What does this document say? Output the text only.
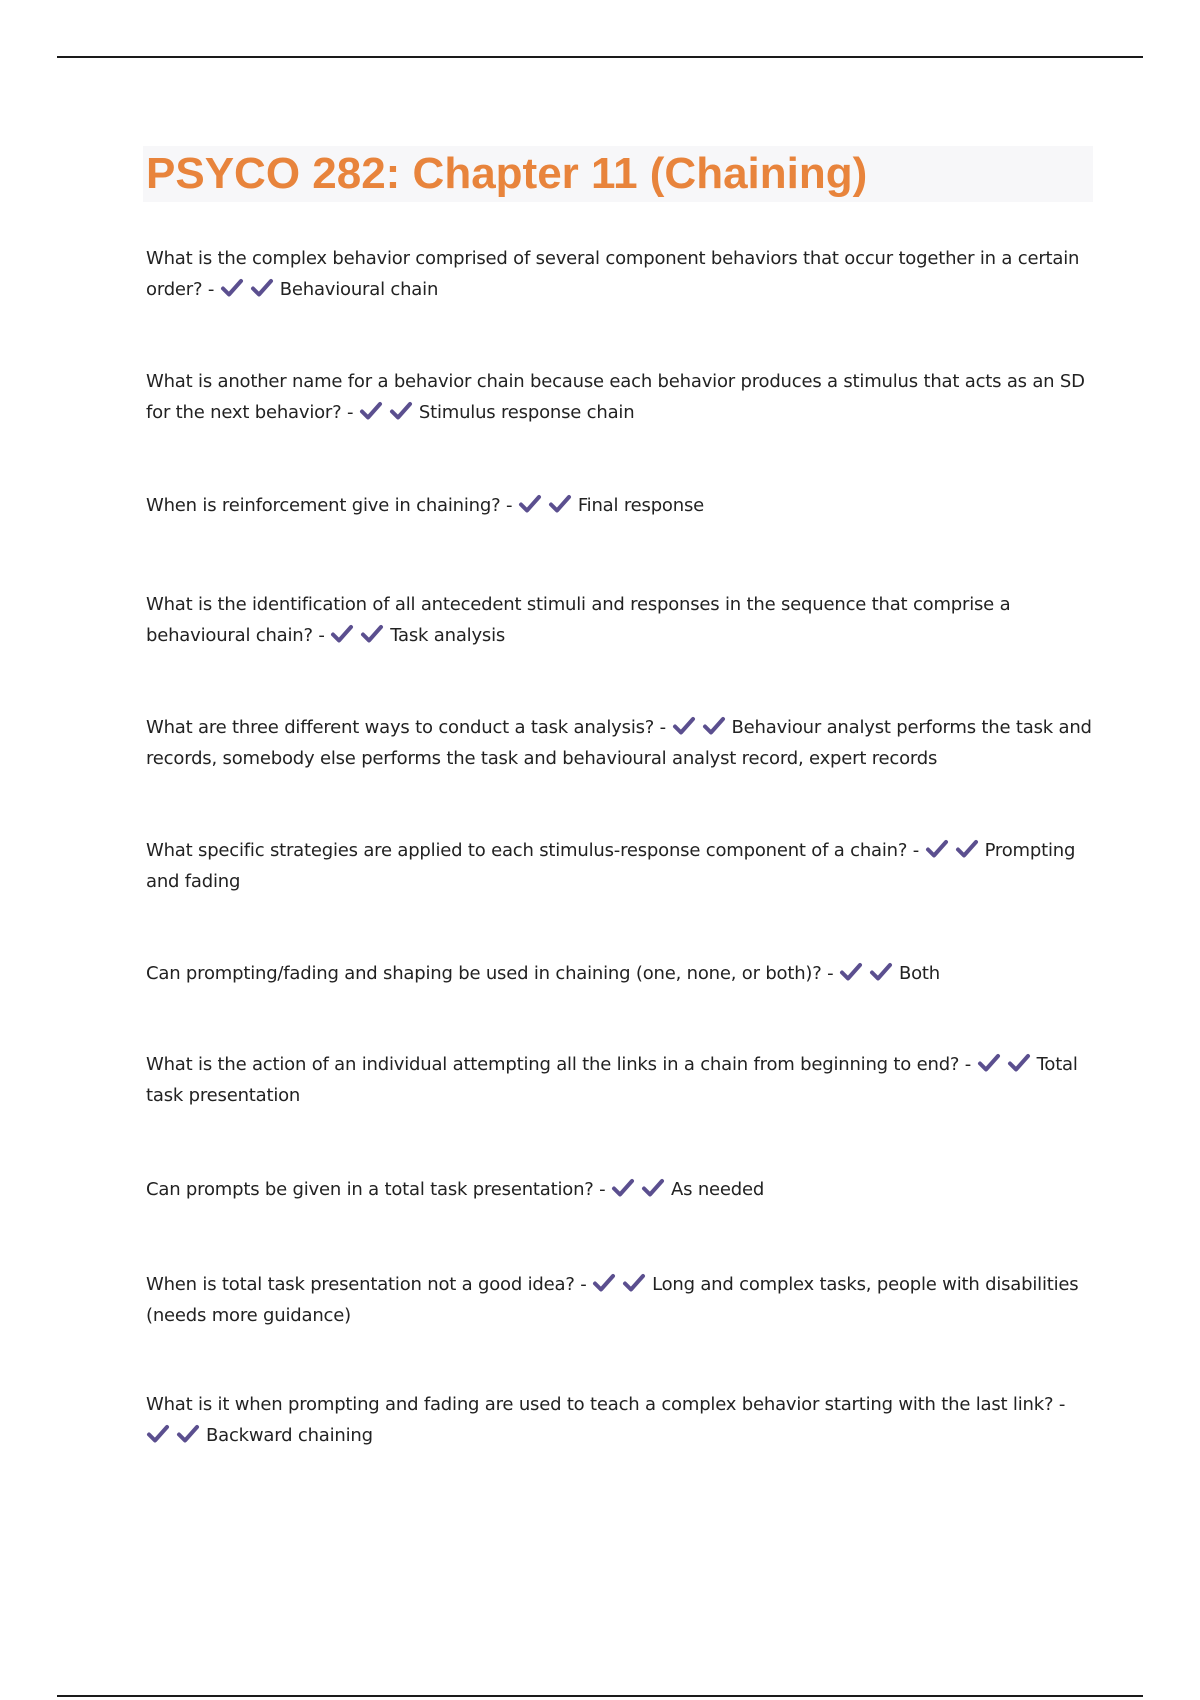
PSYCO 282: Chapter 11 (Chaining)
What is the complex behavior comprised of several component behaviors that occur together in a certain order? -	Behavioural chain
What is another name for a behavior chain because each behavior produces a stimulus that acts as an SD for the next behavior? -	Stimulus response chain
When is reinforcement give in chaining? -	Final response
What is the identification of all antecedent stimuli and responses in the sequence that comprise a behavioural chain? -	Task analysis
What are three different ways to conduct a task analysis? -	Behaviour analyst performs the task and records, somebody else performs the task and behavioural analyst record, expert records
What specific strategies are applied to each stimulus-response component of a chain? -	Prompting and fading
Can prompting/fading and shaping be used in chaining (one, none, or both)? -	Both
What is the action of an individual attempting all the links in a chain from beginning to end? -	Total task presentation
Can prompts be given in a total task presentation? -	As needed
When is total task presentation not a good idea? -	Long and complex tasks, people with disabilities (needs more guidance)
What is it when prompting and fading are used to teach a complex behavior starting with the last link? -
Backward chaining
